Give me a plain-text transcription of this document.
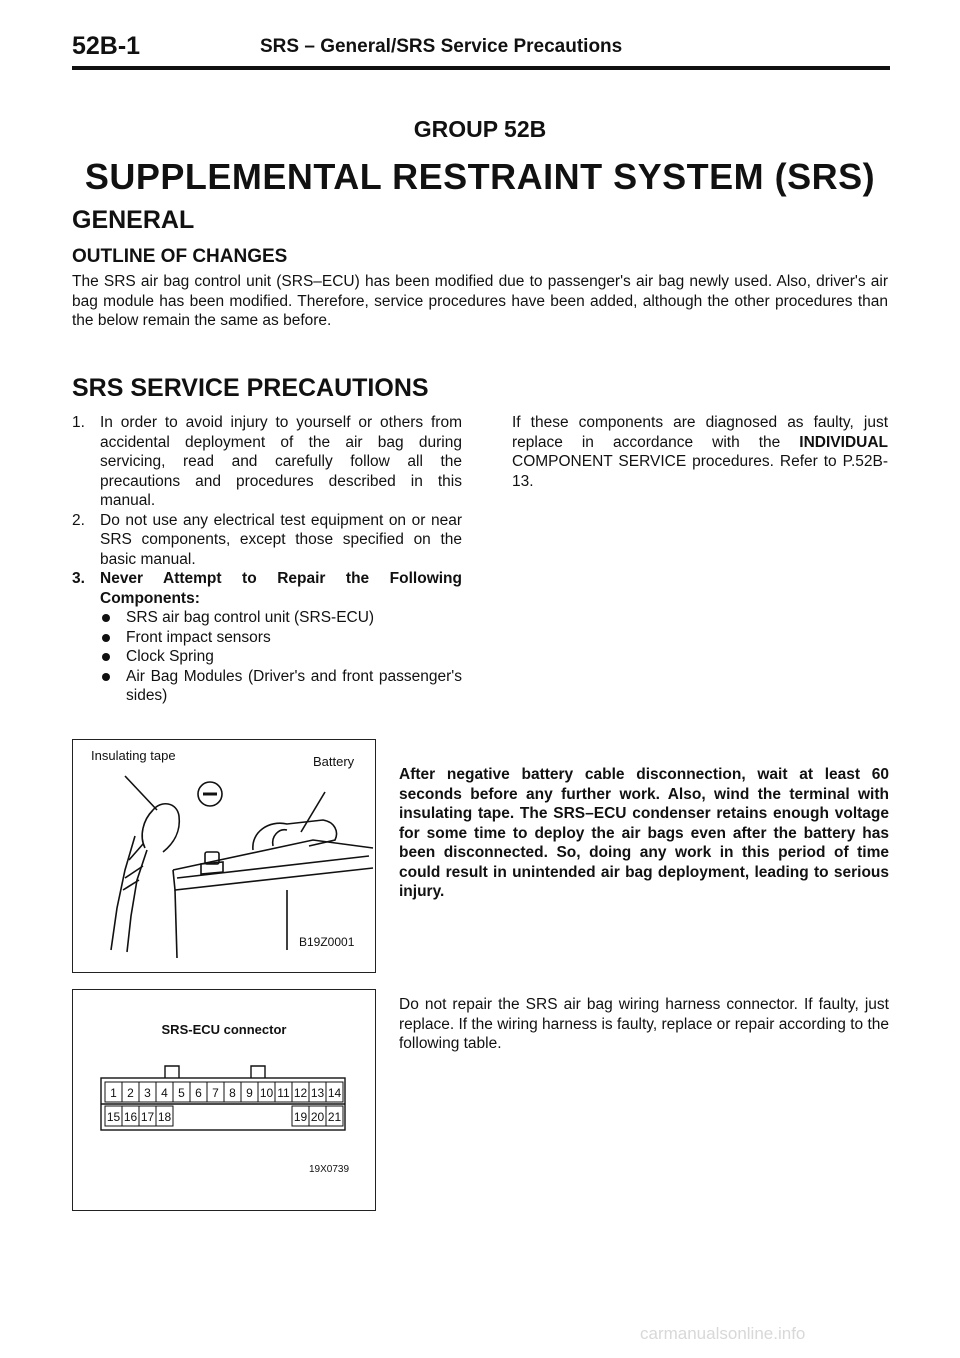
52B-1	SRS – General/SRS Service Precautions
GROUP 52B
SUPPLEMENTAL RESTRAINT SYSTEM (SRS)
GENERAL
OUTLINE OF CHANGES
The SRS air bag control unit (SRS–ECU) has been modified due to passenger's air bag newly used. Also, driver's air bag module has been modified. Therefore, service procedures have been added, although the other procedures than the below remain the same as before.
SRS SERVICE PRECAUTIONS
1. In order to avoid injury to yourself or others from accidental deployment of the air bag during servicing, read and carefully follow all the precautions and procedures described in this manual.
2. Do not use any electrical test equipment on or near SRS components, except those specified on the basic manual.
3. Never Attempt to Repair the Following Components:
SRS air bag control unit (SRS-ECU)
Front impact sensors
Clock Spring
Air Bag Modules (Driver's and front passenger's sides)
If these components are diagnosed as faulty, just replace in accordance with the INDIVIDUAL COMPONENT SERVICE procedures. Refer to P.52B-13.
Insulating tape	Battery
B19Z0001
After negative battery cable disconnection, wait at least 60 seconds before any further work. Also, wind the terminal with insulating tape. The SRS–ECU condenser retains enough voltage for some time to deploy the air bags even after the battery has been disconnected. So, doing any work in this period of time could result in unintended air bag deployment, leading to serious injury.
SRS-ECU connector
1 2 3 4 5 6 7 8 9 10 11 12 13 14
15 16 17 18	19 20 21
19X0739
Do not repair the SRS air bag wiring harness connector. If faulty, just replace. If the wiring harness is faulty, replace or repair according to the following table.
carmanualsonline.info
